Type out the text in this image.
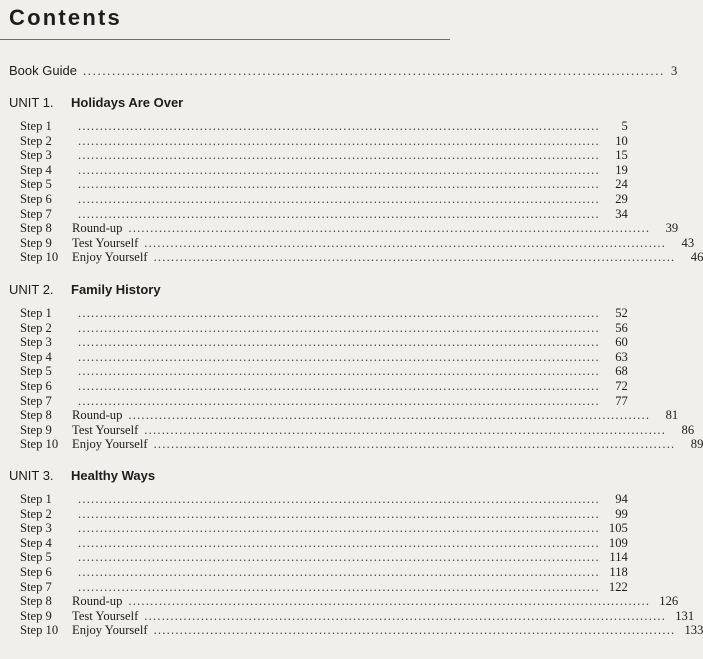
Contents
Book Guide ........................................................................................................................ 3
UNIT 1. Holidays Are Over
Step 1	........................................................................................................................	5
Step 2	........................................................................................................................	10
Step 3	........................................................................................................................	15
Step 4	........................................................................................................................	19
Step 5	........................................................................................................................	24
Step 6	........................................................................................................................	29
Step 7	........................................................................................................................	34
Step 8	Round-up ........................................................................................................................	39
Step 9	Test Yourself ........................................................................................................................	43
Step 10	Enjoy Yourself ........................................................................................................................	46
UNIT 2. Family History
Step 1	........................................................................................................................	52
Step 2	........................................................................................................................	56
Step 3	........................................................................................................................	60
Step 4	........................................................................................................................	63
Step 5	........................................................................................................................	68
Step 6	........................................................................................................................	72
Step 7	........................................................................................................................	77
Step 8	Round-up ........................................................................................................................	81
Step 9	Test Yourself ........................................................................................................................	86
Step 10	Enjoy Yourself ........................................................................................................................	89
UNIT 3. Healthy Ways
Step 1	........................................................................................................................	94
Step 2	........................................................................................................................	99
Step 3	........................................................................................................................ 105
Step 4	........................................................................................................................ 109
Step 5	........................................................................................................................ 114
Step 6	........................................................................................................................ 118
Step 7	........................................................................................................................ 122
Step 8	Round-up ........................................................................................................................ 126
Step 9	Test Yourself ........................................................................................................................ 131
Step 10	Enjoy Yourself ........................................................................................................................ 133
